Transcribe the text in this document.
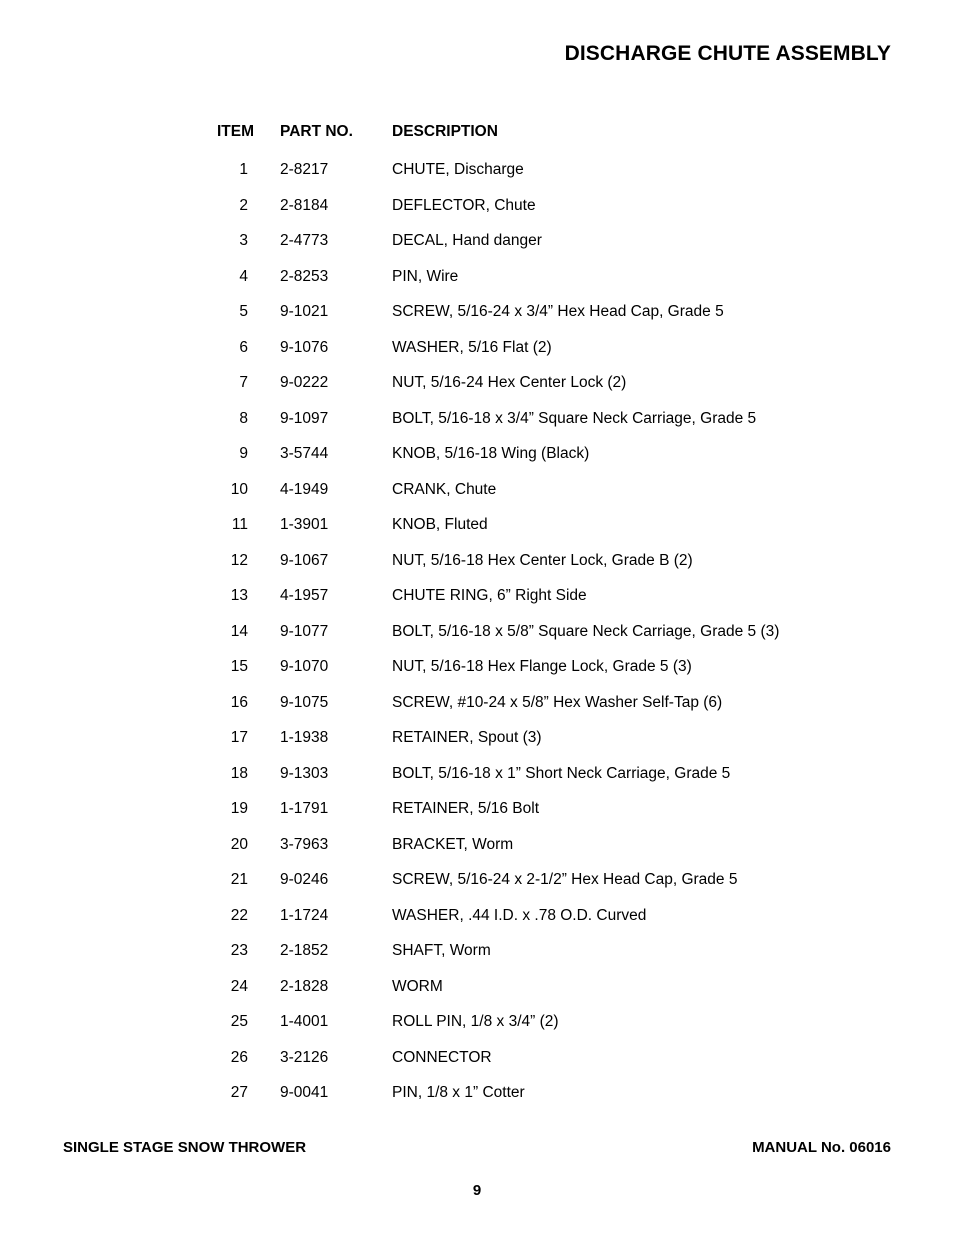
DISCHARGE CHUTE ASSEMBLY
ITEM PART NO.	DESCRIPTION
1 2-8217	CHUTE, Discharge
2 2-8184	DEFLECTOR, Chute
3 2-4773	DECAL, Hand danger
4 2-8253	PIN, Wire
5 9-1021	SCREW, 5/16-24 x 3/4” Hex Head Cap, Grade 5
6 9-1076	WASHER, 5/16 Flat (2)
7 9-0222	NUT, 5/16-24 Hex Center Lock (2)
8 9-1097	BOLT, 5/16-18 x 3/4” Square Neck Carriage, Grade 5
9 3-5744	KNOB, 5/16-18 Wing (Black)
10 4-1949	CRANK, Chute
11 1-3901	KNOB, Fluted
12 9-1067	NUT, 5/16-18 Hex Center Lock, Grade B (2)
13 4-1957	CHUTE RING, 6” Right Side
14 9-1077	BOLT, 5/16-18 x 5/8” Square Neck Carriage, Grade 5 (3)
15 9-1070	NUT, 5/16-18 Hex Flange Lock, Grade 5 (3)
16 9-1075	SCREW, #10-24 x 5/8” Hex Washer Self-Tap (6)
17 1-1938	RETAINER, Spout (3)
18 9-1303	BOLT, 5/16-18 x 1” Short Neck Carriage, Grade 5
19 1-1791	RETAINER, 5/16 Bolt
20 3-7963	BRACKET, Worm
21 9-0246	SCREW, 5/16-24 x 2-1/2” Hex Head Cap, Grade 5
22 1-1724	WASHER, .44 I.D. x .78 O.D. Curved
23 2-1852	SHAFT, Worm
24 2-1828	WORM
25 1-4001	ROLL PIN, 1/8 x 3/4” (2)
26 3-2126	CONNECTOR
27 9-0041	PIN, 1/8 x 1” Cotter
SINGLE STAGE SNOW THROWER	MANUAL No. 06016
9
